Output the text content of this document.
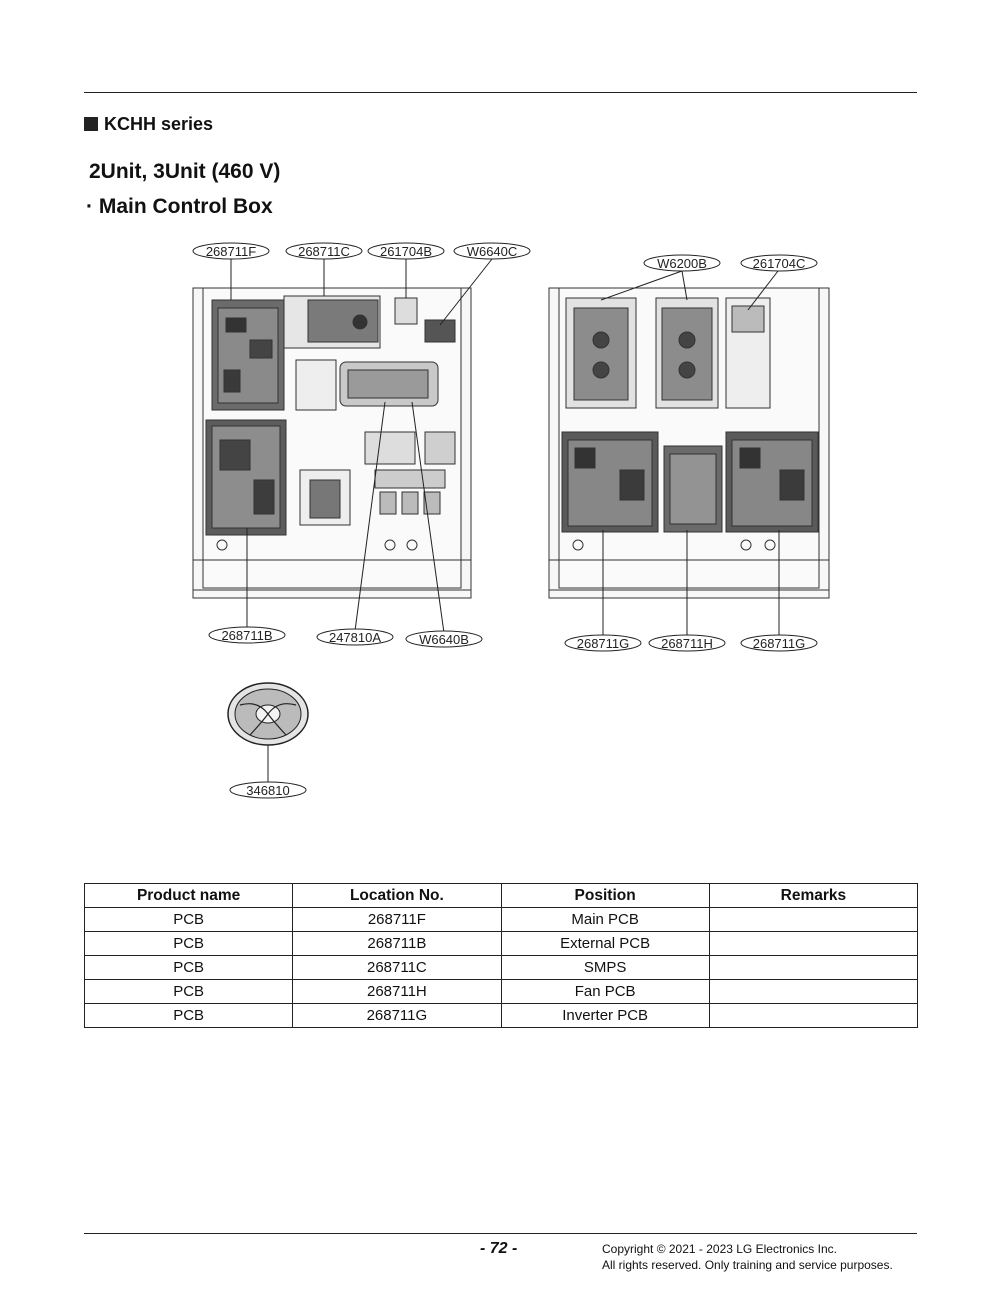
KCHH series
2Unit, 3Unit (460 V)
· Main Control Box
268711F	268711C 261704B	W6640C
W6200B	261704C
268711B	247810A	W6640B	268711G 268711H	268711G
346810
Product name	Location No.	Position	Remarks
PCB	268711F	Main PCB	
PCB	268711B	External PCB	
PCB	268711C	SMPS	
PCB	268711H	Fan PCB	
PCB	268711G	Inverter PCB	
- 72 -	Copyright © 2021 - 2023 LG Electronics Inc.
All rights reserved. Only training and service purposes.
